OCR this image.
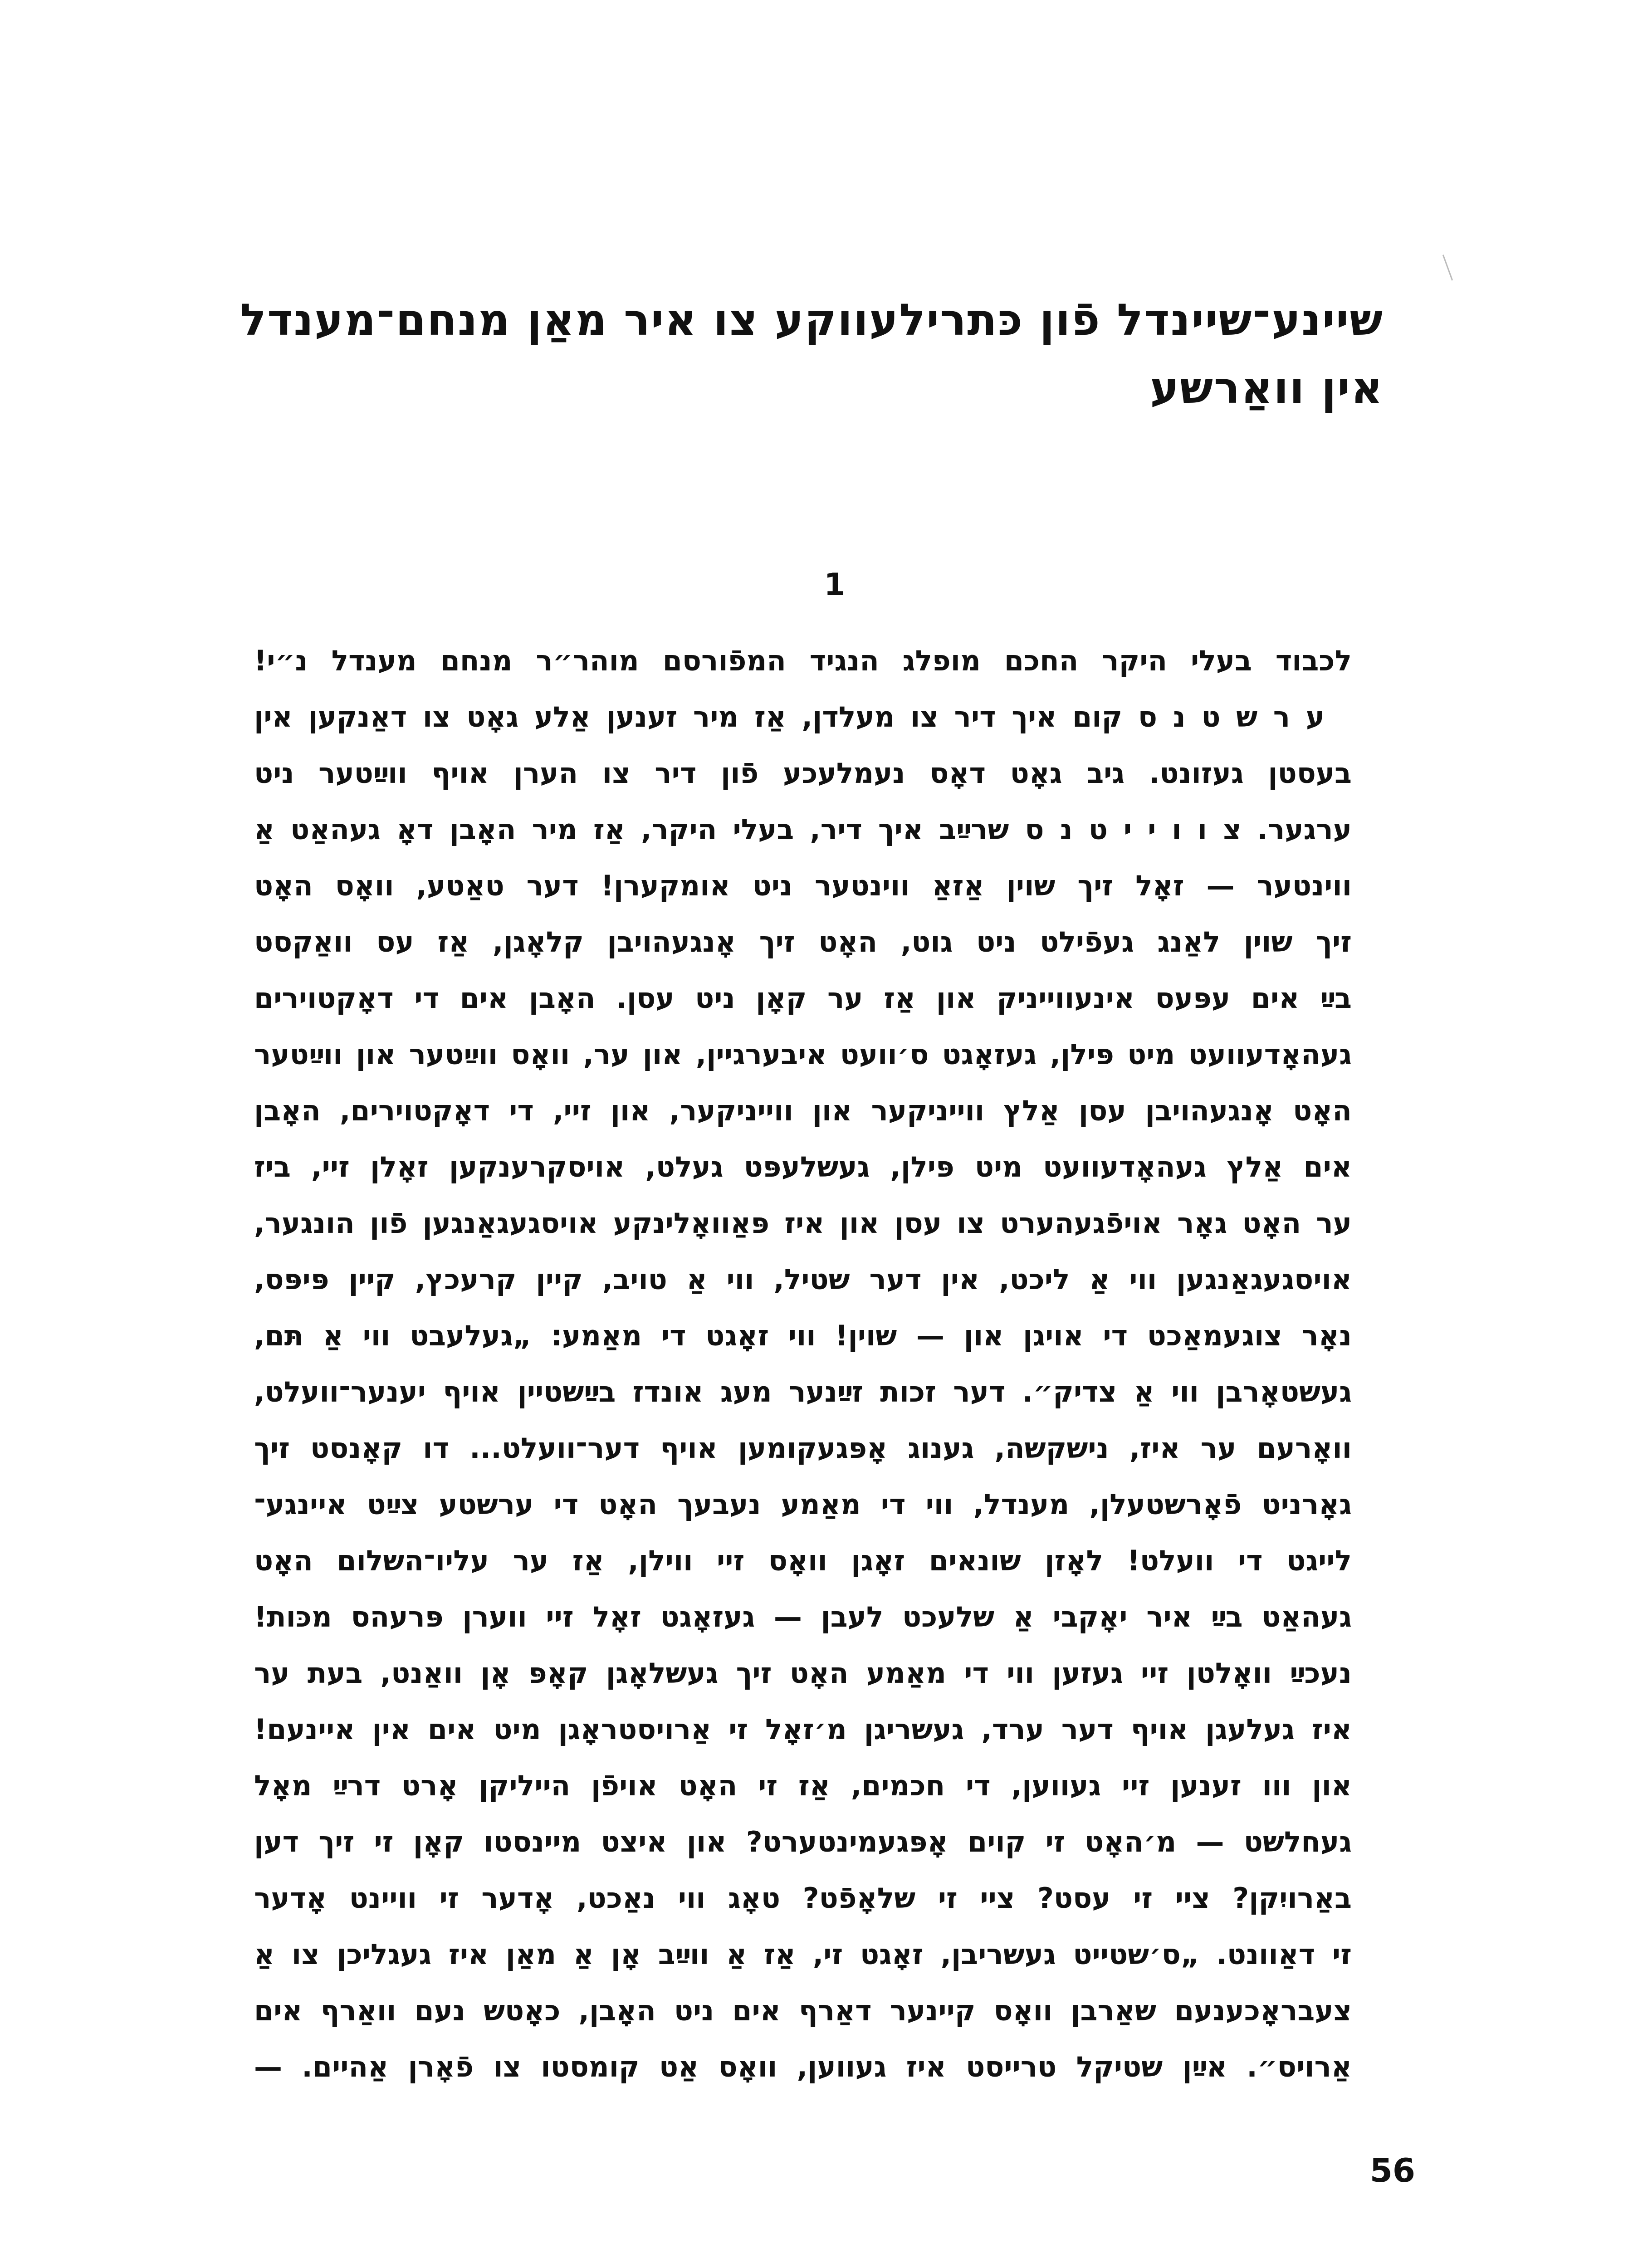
שיינע־שיינדל פֿון כּתרילעווקע צו איר מאַן מנחם־מענדל
אין וואַרשע
1
לכבוד בעלי היקר החכם מופלג הנגיד המפֿורסם מוהר״ר מנחם מענדל נ״י!
ע ר ש ט נ ס קום איך דיר צו מעלדן, אַז מיר זענען אַלע גאָט צו דאַנקען אין
בעסטן געזונט. גיב גאָט דאָס נעמלעכע פֿון דיר צו הערן אויף ווײַטער ניט
ערגער. צ ו ו י י ט נ ס שרײַב איך דיר, בעלי היקר, אַז מיר האָבן דאָ געהאַט אַ
ווינטער — זאָל זיך שוין אַזאַ ווינטער ניט אומקערן! דער טאַטע, וואָס האָט
זיך שוין לאַנג געפֿילט ניט גוט, האָט זיך אָנגעהויבן קלאָגן, אַז עס וואַקסט
בײַ אים עפּעס אינעווייניק און אַז ער קאָן ניט עסן. האָבן אים די דאָקטוירים
געהאָדעוועט מיט פּילן, געזאָגט ס׳וועט איבערגיין, און ער, וואָס ווײַטער און ווײַטער
האָט אָנגעהויבן עסן אַלץ ווייניקער און ווייניקער, און זיי, די דאָקטוירים, האָבן
אים אַלץ געהאָדעוועט מיט פּילן, געשלעפּט געלט, אויסקרענקען זאָלן זיי, ביז
ער האָט גאָר אויפֿגעהערט צו עסן און איז פּאַוואָלינקע אויסגעגאַנגען פֿון הונגער,
אויסגעגאַנגען ווי אַ ליכט, אין דער שטיל, ווי אַ טויב, קיין קרעכץ, קיין פּיפּס,
נאָר צוגעמאַכט די אויגן און — שוין! ווי זאָגט די מאַמע: „געלעבט ווי אַ תּם,
געשטאָרבן ווי אַ צדיק״. דער זכות זײַנער מעג אונדז בײַשטיין אויף יענער־וועלט,
וואָרעם ער איז, נישקשה, גענוג אָפּגעקומען אויף דער־וועלט... דו קאָנסט זיך
גאָרניט פֿאָרשטעלן, מענדל, ווי די מאַמע נעבעך האָט די ערשטע צײַט איינגע־
לייגט די וועלט! לאָזן שונאים זאָגן וואָס זיי ווילן, אַז ער עליו־השלום האָט
געהאַט בײַ איר יאָקבי אַ שלעכט לעבן — געזאָגט זאָל זיי ווערן פּרעהס מכּות!
נעכײַ וואָלטן זיי געזען ווי די מאַמע האָט זיך געשלאָגן קאָפּ אָן וואַנט, בעת ער
איז געלעגן אויף דער ערד, געשריגן מ׳זאָל זי אַרויסטראָגן מיט אים אין איינעם!
און ווו זענען זיי געווען, די חכמים, אַז זי האָט אויפֿן הייליקן אָרט דרײַ מאָל
געחלשט — מ׳האָט זי קוים אָפּגעמינטערט? און איצט מיינסטו קאָן זי זיך דען
באַרויִקן? ציי זי עסט? ציי זי שלאָפֿט? טאָג ווי נאַכט, אָדער זי וויינט אָדער
זי דאַוונט. „ס׳שטייט געשריבן, זאָגט זי, אַז אַ ווײַב אָן אַ מאַן איז געגליכן צו אַ
צעבראָכענעם שאַרבן וואָס קיינער דאַרף אים ניט האָבן, כאָטש נעם וואַרף אים
אַרויס״. אײַן שטיקל טרייסט איז געווען, וואָס אַט קומסטו צו פֿאָרן אַהיים. —
56
